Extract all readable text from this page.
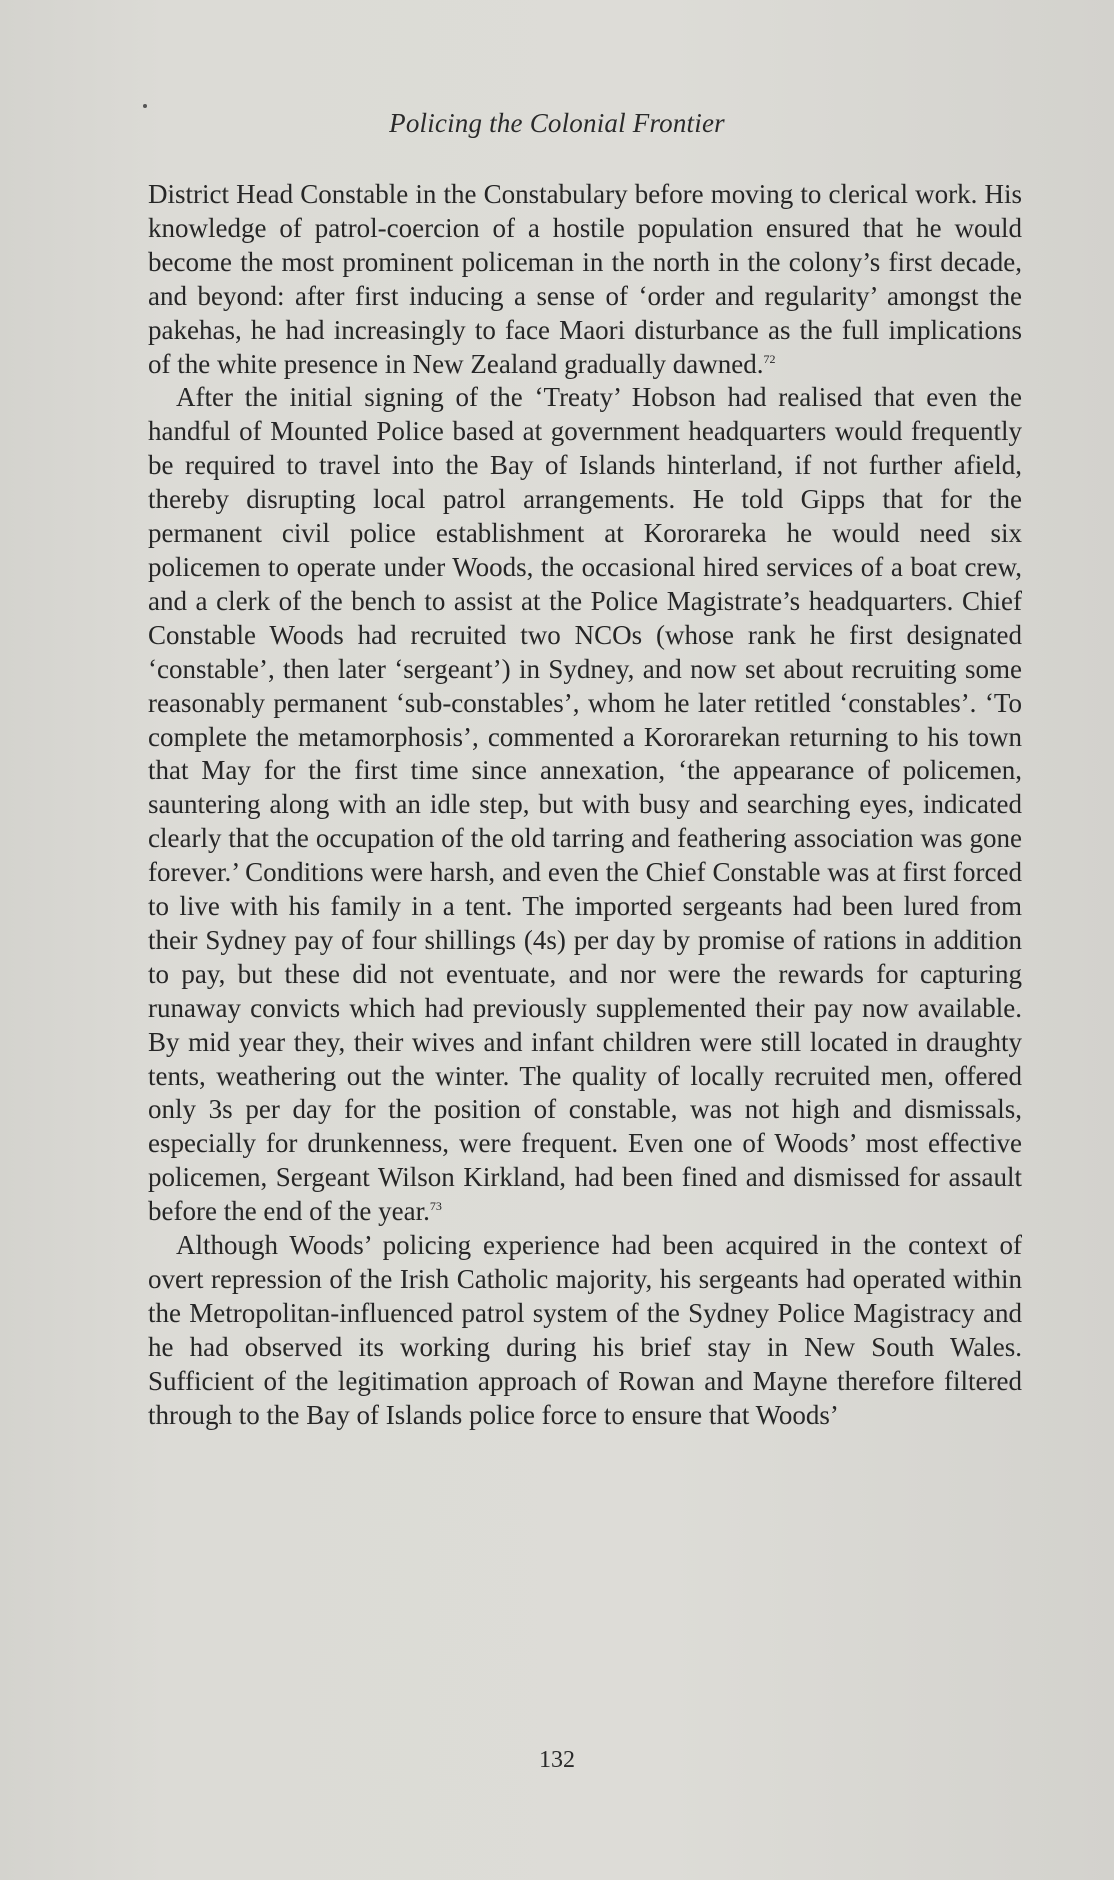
Policing the Colonial Frontier

District Head Constable in the Constabulary before moving to clerical work. His knowledge of patrol-coercion of a hostile population ensured that he would become the most prominent policeman in the north in the colony’s first decade, and beyond: after first inducing a sense of ‘order and regularity’ amongst the pakehas, he had increasingly to face Maori disturbance as the full implications of the white presence in New Zealand gradually dawned.$^{72}$

After the initial signing of the ‘Treaty’ Hobson had realised that even the handful of Mounted Police based at government headquarters would frequently be required to travel into the Bay of Islands hinterland, if not further afield, thereby disrupting local patrol arrangements. He told Gipps that for the permanent civil police establishment at Kororareka he would need six policemen to operate under Woods, the occasional hired services of a boat crew, and a clerk of the bench to assist at the Police Magistrate’s headquarters. Chief Constable Woods had recruited two NCOs (whose rank he first designated ‘constable’, then later ‘sergeant’) in Sydney, and now set about recruiting some reasonably permanent ‘sub-constables’, whom he later retitled ‘constables’. ‘To complete the metamorphosis’, commented a Kororarekan returning to his town that May for the first time since annexation, ‘the appearance of policemen, sauntering along with an idle step, but with busy and searching eyes, indicated clearly that the occupation of the old tarring and feathering association was gone forever.’ Conditions were harsh, and even the Chief Constable was at first forced to live with his family in a tent. The imported sergeants had been lured from their Sydney pay of four shillings (4s) per day by promise of rations in addition to pay, but these did not eventuate, and nor were the rewards for capturing runaway convicts which had previously supplemented their pay now available. By mid year they, their wives and infant children were still located in draughty tents, weathering out the winter. The quality of locally recruited men, offered only 3s per day for the position of constable, was not high and dismissals, especially for drunkenness, were frequent. Even one of Woods’ most effective policemen, Sergeant Wilson Kirkland, had been fined and dismissed for assault before the end of the year.$^{73}$

Although Woods’ policing experience had been acquired in the context of overt repression of the Irish Catholic majority, his sergeants had operated within the Metropolitan-influenced patrol system of the Sydney Police Magistracy and he had observed its working during his brief stay in New South Wales. Sufficient of the legitimation approach of Rowan and Mayne therefore filtered through to the Bay of Islands police force to ensure that Woods’

132
